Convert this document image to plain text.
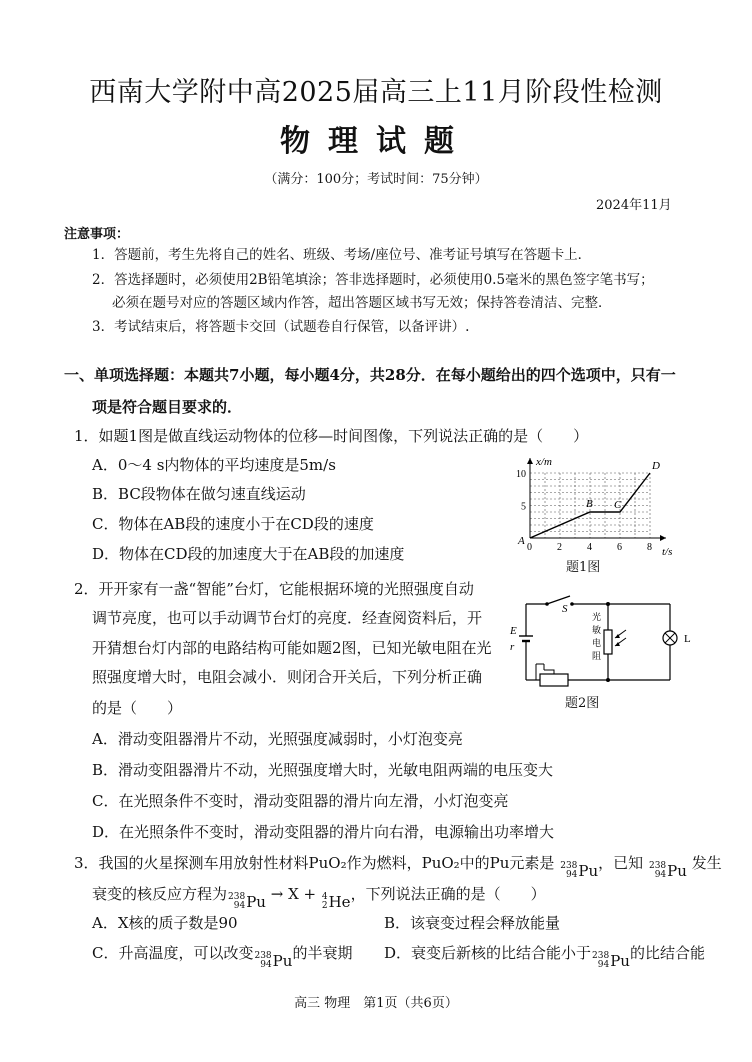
西南大学附中高2025届高三上11月阶段性检测
物理试题
（满分：100分；考试时间：75分钟）
2024年11月
注意事项：
1．答题前，考生先将自己的姓名、班级、考场/座位号、准考证号填写在答题卡上．
2．答选择题时，必须使用2B铅笔填涂；答非选择题时，必须使用0.5毫米的黑色签字笔书写；
必须在题号对应的答题区域内作答，超出答题区域书写无效；保持答卷清洁、完整．
3．考试结束后，将答题卡交回（试题卷自行保管，以备评讲）.
一、单项选择题：本题共7小题，每小题4分，共28分．在每小题给出的四个选项中，只有一
项是符合题目要求的．
1．如题1图是做直线运动物体的位移—时间图像，下列说法正确的是（　　）
A．0～4 s内物体的平均速度是5m/s
B．BC段物体在做匀速直线运动
C．物体在AB段的速度小于在CD段的速度
D．物体在CD段的加速度大于在AB段的加速度	0	2	4	6	8
5
10
A
B C
D
x/m
t/s
题1图
2．开开家有一盏“智能”台灯，它能根据环境的光照强度自动
调节亮度，也可以手动调节台灯的亮度．经查阅资料后，开
开猜想台灯内部的电路结构可能如题2图，已知光敏电阻在光
照强度增大时，电阻会减小．则闭合开关后，下列分析正确
的是（　　）
A．滑动变阻器滑片不动，光照强度减弱时，小灯泡变亮
B．滑动变阻器滑片不动，光照强度增大时，光敏电阻两端的电压变大
C．在光照条件不变时，滑动变阻器的滑片向左滑，小灯泡变亮
D．在光照条件不变时，滑动变阻器的滑片向右滑，电源输出功率增大
S
E
r
光
敏
电
阻
L
题2图
3．我国的火星探测车用放射性材料PuO₂作为燃料，PuO₂中的Pu元素是 238
94 Pu ，已知 238
94 Pu 发生
衰变的核反应方程为 238
94 Pu → X + 4
2 He ，下列说法正确的是（　　）
A．X核的质子数是90	B．该衰变过程会释放能量
C．升高温度，可以改变 238
94 Pu 的半衰期 D．衰变后新核的比结合能小于 238
94 Pu 的比结合能
高三 物理　第1页（共6页）
